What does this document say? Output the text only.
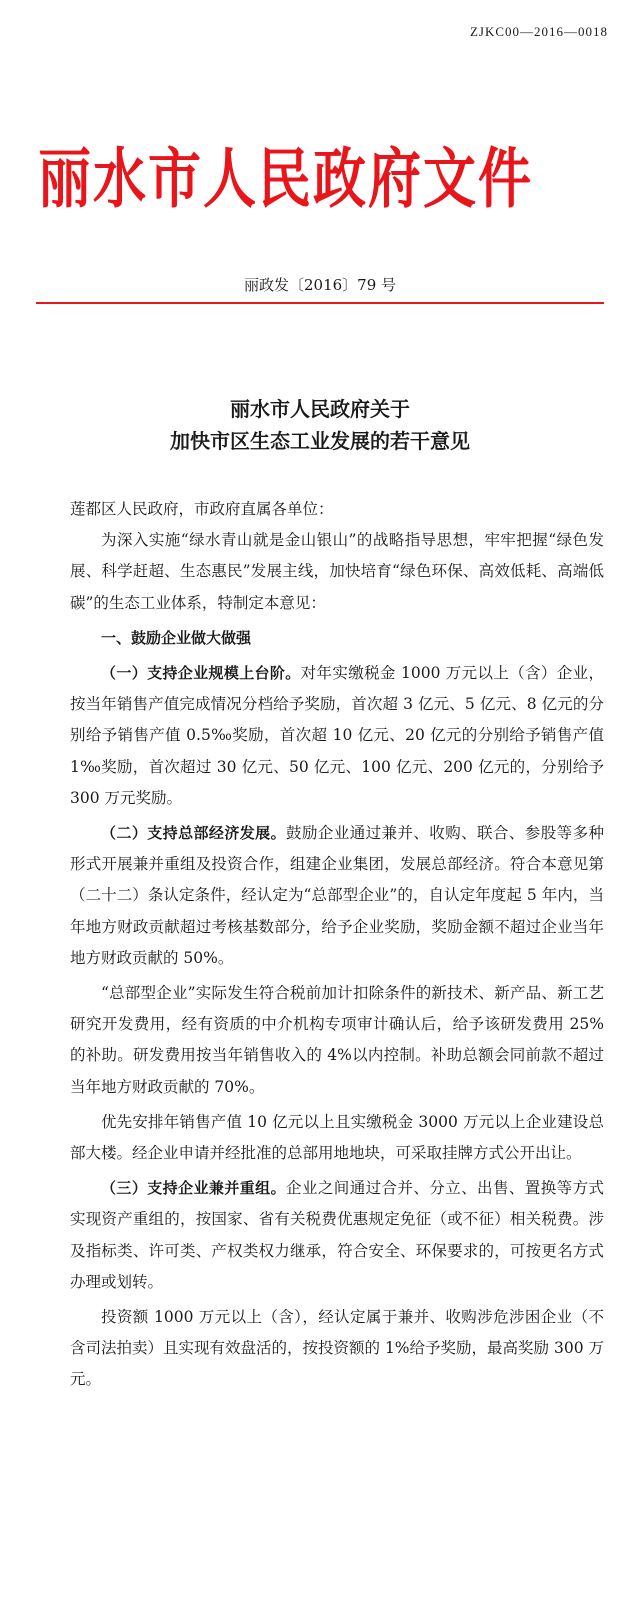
ZJKC00—2016—0018
丽水市人民政府文件
丽政发〔2016〕79 号
丽水市人民政府关于
加快市区生态工业发展的若干意见

莲都区人民政府，市政府直属各单位：

为深入实施“绿水青山就是金山银山”的战略指导思想，牢牢把握“绿色发展、科学赶超、生态惠民”发展主线，加快培育“绿色环保、高效低耗、高端低碳”的生态工业体系，特制定本意见：

一、鼓励企业做大做强

（一）支持企业规模上台阶。对年实缴税金 1000 万元以上（含）企业，按当年销售产值完成情况分档给予奖励，首次超 3 亿元、5 亿元、8 亿元的分别给予销售产值 0.5‰奖励，首次超 10 亿元、20 亿元的分别给予销售产值 1‰奖励，首次超过 30 亿元、50 亿元、100 亿元、200 亿元的，分别给予 300 万元奖励。

（二）支持总部经济发展。鼓励企业通过兼并、收购、联合、参股等多种形式开展兼并重组及投资合作，组建企业集团，发展总部经济。符合本意见第（二十二）条认定条件，经认定为“总部型企业”的，自认定年度起 5 年内，当年地方财政贡献超过考核基数部分，给予企业奖励，奖励金额不超过企业当年地方财政贡献的 50%。

“总部型企业”实际发生符合税前加计扣除条件的新技术、新产品、新工艺研究开发费用，经有资质的中介机构专项审计确认后，给予该研发费用 25%的补助。研发费用按当年销售收入的 4%以内控制。补助总额会同前款不超过当年地方财政贡献的 70%。

优先安排年销售产值 10 亿元以上且实缴税金 3000 万元以上企业建设总部大楼。经企业申请并经批准的总部用地地块，可采取挂牌方式公开出让。

（三）支持企业兼并重组。企业之间通过合并、分立、出售、置换等方式实现资产重组的，按国家、省有关税费优惠规定免征（或不征）相关税费。涉及指标类、许可类、产权类权力继承，符合安全、环保要求的，可按更名方式办理或划转。

投资额 1000 万元以上（含），经认定属于兼并、收购涉危涉困企业（不含司法拍卖）且实现有效盘活的，按投资额的 1%给予奖励，最高奖励 300 万元。
